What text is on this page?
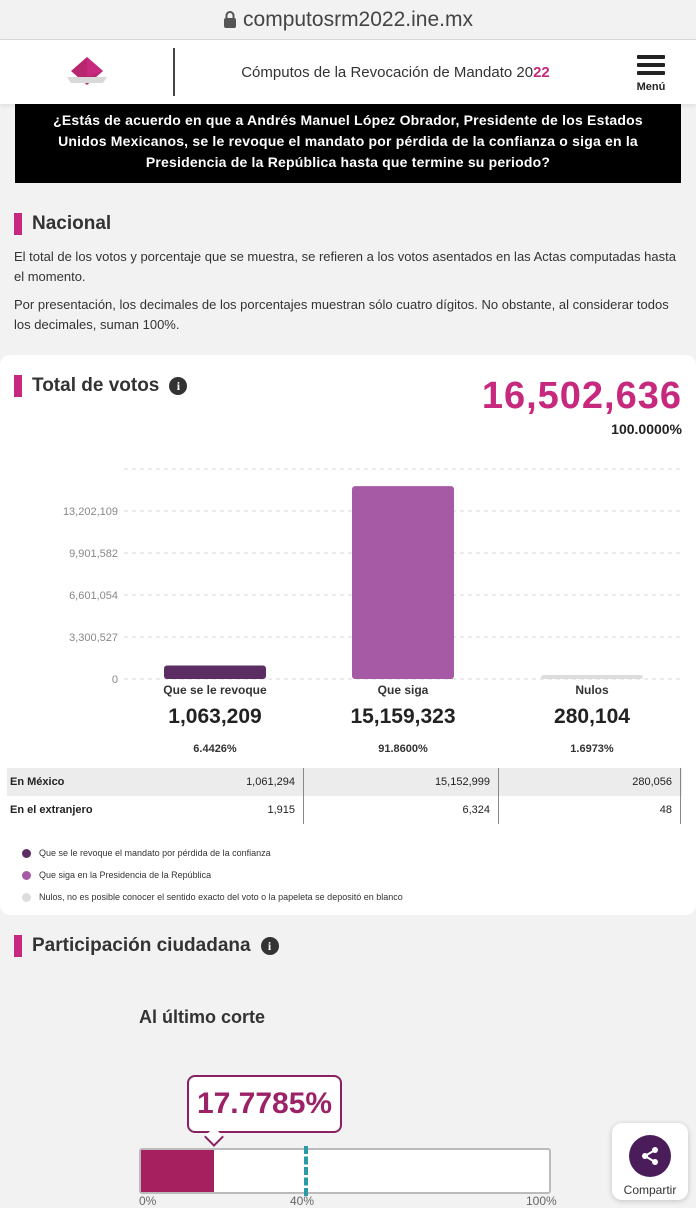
computosrm2022.ine.mx
Cómputos de la Revocación de Mandato 2022
Menú
¿Estás de acuerdo en que a Andrés Manuel López Obrador, Presidente de los Estados Unidos Mexicanos, se le revoque el mandato por pérdida de la confianza o siga en la Presidencia de la República hasta que termine su periodo?
Nacional

El total de los votos y porcentaje que se muestra, se refieren a los votos asentados en las Actas computadas hasta el momento.

Por presentación, los decimales de los porcentajes muestran sólo cuatro dígitos. No obstante, al considerar todos los decimales, suman 100%.

Total de votos	i	16,502,636
100.0000%
0
3,300,527
6,601,054
9,901,582
13,202,109
Que se le revoque
1,063,209
6.4426%
Que siga
15,159,323
91.8600%
Nulos
280,104
1.6973%
En México	1,061,294	15,152,999	280,056
En el extranjero	1,915	6,324	48
Que se le revoque el mandato por pérdida de la confianza
Que siga en la Presidencia de la República
Nulos, no es posible conocer el sentido exacto del voto o la papeleta se depositó en blanco
Participación ciudadana	i
Al último corte
17.7785%
0%	40%	100%
Compartir
